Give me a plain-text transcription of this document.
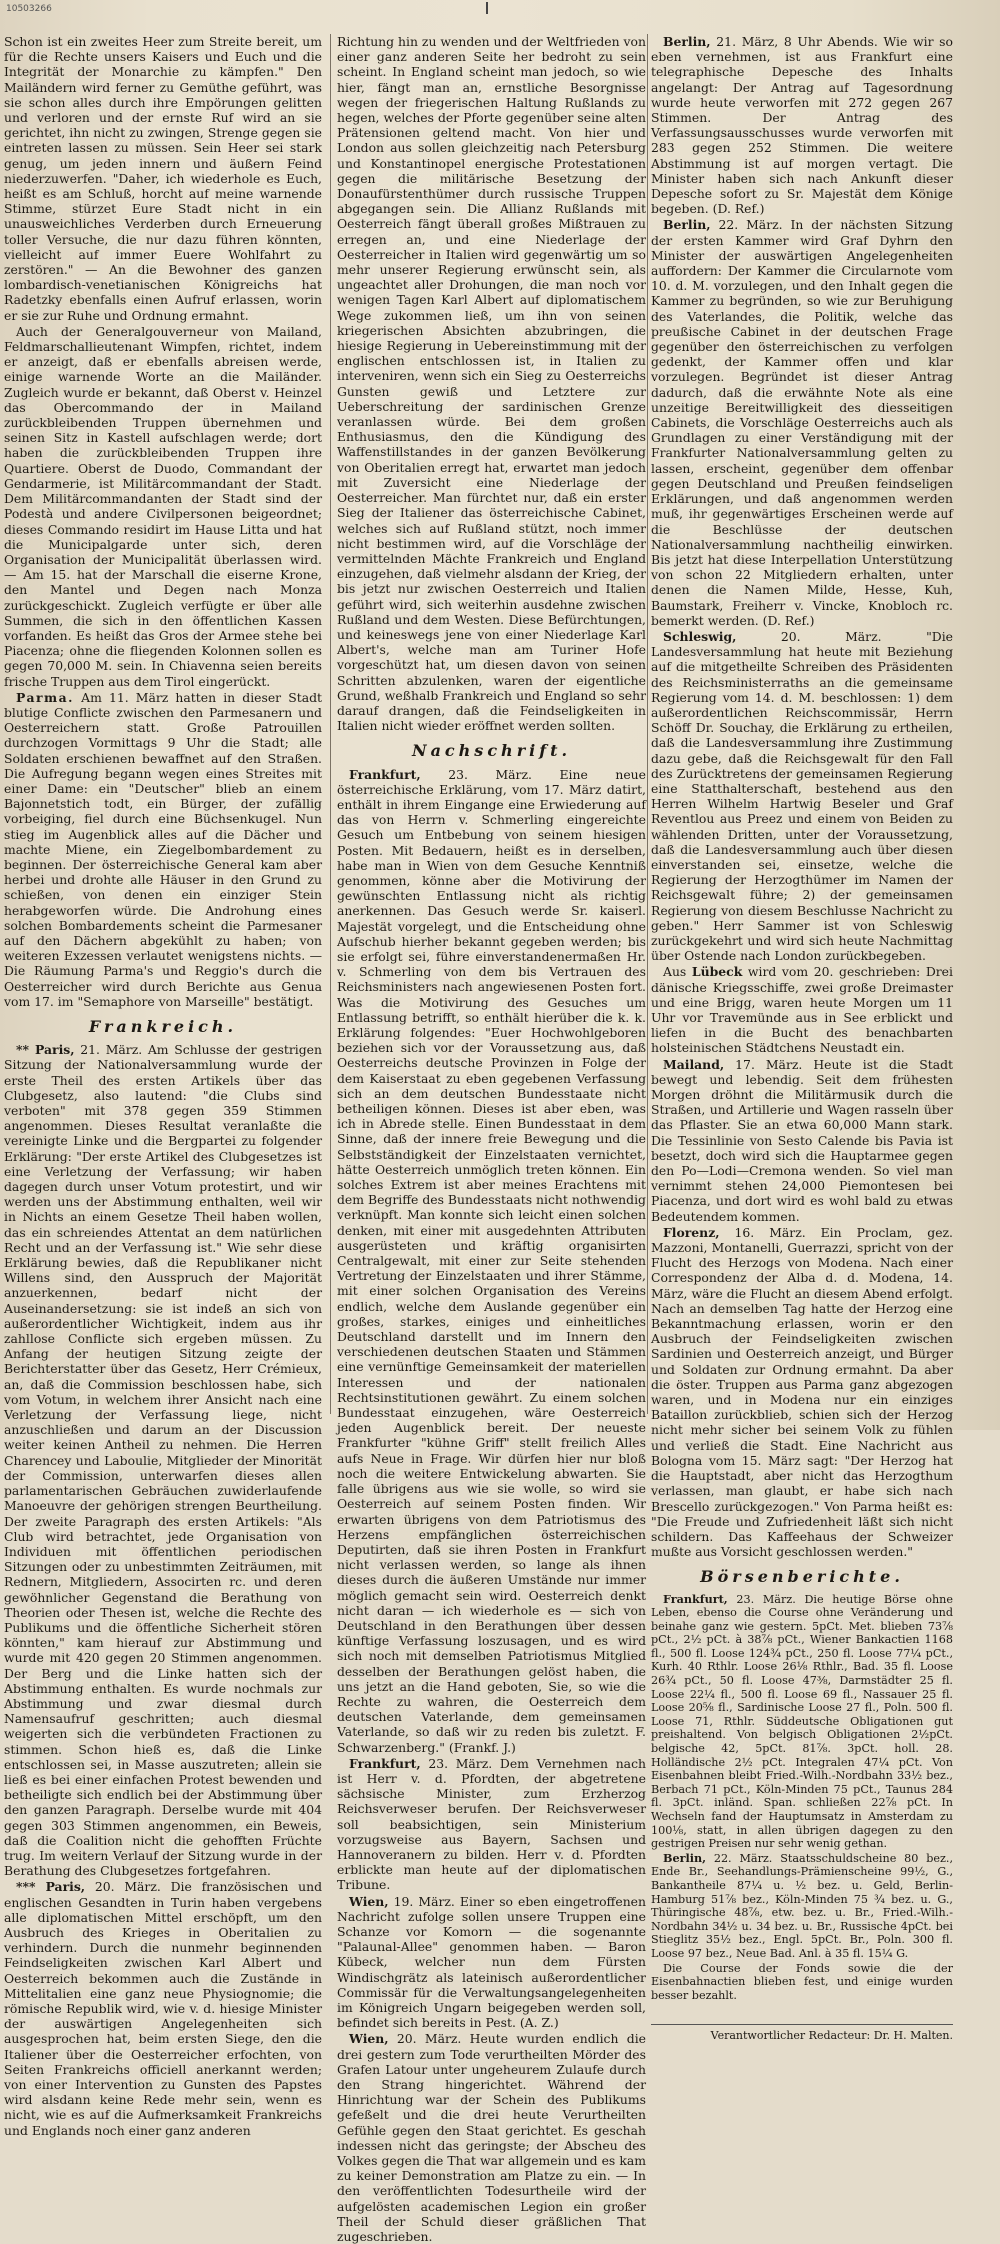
10503266

Schon ist ein zweites Heer zum Streite bereit, um für die Rechte unsers Kaisers und Euch und die Integrität der Monarchie zu kämpfen." Den Mailändern wird ferner zu Gemüthe geführt, was sie schon alles durch ihre Empörungen gelitten und verloren und der ernste Ruf wird an sie gerichtet, ihn nicht zu zwingen, Strenge gegen sie eintreten lassen zu müssen. Sein Heer sei stark genug, um jeden innern und äußern Feind niederzuwerfen. "Daher, ich wiederhole es Euch, heißt es am Schluß, horcht auf meine warnende Stimme, stürzet Eure Stadt nicht in ein unausweichliches Verderben durch Erneuerung toller Versuche, die nur dazu führen könnten, vielleicht auf immer Euere Wohlfahrt zu zerstören." — An die Bewohner des ganzen lombardisch-venetianischen Königreichs hat Radetzky ebenfalls einen Aufruf erlassen, worin er sie zur Ruhe und Ordnung ermahnt.

Auch der Generalgouverneur von Mailand, Feldmarschallieutenant Wimpfen, richtet, indem er anzeigt, daß er ebenfalls abreisen werde, einige warnende Worte an die Mailänder. Zugleich wurde er bekannt, daß Oberst v. Heinzel das Obercommando der in Mailand zurückbleibenden Truppen übernehmen und seinen Sitz in Kastell aufschlagen werde; dort haben die zurückbleibenden Truppen ihre Quartiere. Oberst de Duodo, Commandant der Gendarmerie, ist Militärcommandant der Stadt. Dem Militärcommandanten der Stadt sind der Podestà und andere Civilpersonen beigeordnet; dieses Commando residirt im Hause Litta und hat die Municipalgarde unter sich, deren Organisation der Municipalität überlassen wird. — Am 15. hat der Marschall die eiserne Krone, den Mantel und Degen nach Monza zurückgeschickt. Zugleich verfügte er über alle Summen, die sich in den öffentlichen Kassen vorfanden. Es heißt das Gros der Armee stehe bei Piacenza; ohne die fliegenden Kolonnen sollen es gegen 70,000 M. sein. In Chiavenna seien bereits frische Truppen aus dem Tirol eingerückt.

Parma. Am 11. März hatten in dieser Stadt blutige Conflicte zwischen den Parmesanern und Oesterreichern statt. Große Patrouillen durchzogen Vormittags 9 Uhr die Stadt; alle Soldaten erschienen bewaffnet auf den Straßen. Die Aufregung begann wegen eines Streites mit einer Dame: ein "Deutscher" blieb an einem Bajonnetstich todt, ein Bürger, der zufällig vorbeiging, fiel durch eine Büchsenkugel. Nun stieg im Augenblick alles auf die Dächer und machte Miene, ein Ziegelbombardement zu beginnen. Der österreichische General kam aber herbei und drohte alle Häuser in den Grund zu schießen, von denen ein einziger Stein herabgeworfen würde. Die Androhung eines solchen Bombardements scheint die Parmesaner auf den Dächern abgekühlt zu haben; von weiteren Exzessen verlautet wenigstens nichts. — Die Räumung Parma's und Reggio's durch die Oesterreicher wird durch Berichte aus Genua vom 17. im "Semaphore von Marseille" bestätigt.

Frankreich.

** Paris, 21. März. Am Schlusse der gestrigen Sitzung der Nationalversammlung wurde der erste Theil des ersten Artikels über das Clubgesetz, also lautend: "die Clubs sind verboten" mit 378 gegen 359 Stimmen angenommen. Dieses Resultat veranlaßte die vereinigte Linke und die Bergpartei zu folgender Erklärung: "Der erste Artikel des Clubgesetzes ist eine Verletzung der Verfassung; wir haben dagegen durch unser Votum protestirt, und wir werden uns der Abstimmung enthalten, weil wir in Nichts an einem Gesetze Theil haben wollen, das ein schreiendes Attentat an dem natürlichen Recht und an der Verfassung ist." Wie sehr diese Erklärung bewies, daß die Republikaner nicht Willens sind, den Ausspruch der Majorität anzuerkennen, bedarf nicht der Auseinandersetzung: sie ist indeß an sich von außerordentlicher Wichtigkeit, indem aus ihr zahllose Conflicte sich ergeben müssen. Zu Anfang der heutigen Sitzung zeigte der Berichterstatter über das Gesetz, Herr Crémieux, an, daß die Commission beschlossen habe, sich vom Votum, in welchem ihrer Ansicht nach eine Verletzung der Verfassung liege, nicht anzuschließen und darum an der Discussion weiter keinen Antheil zu nehmen. Die Herren Charencey und Laboulie, Mitglieder der Minorität der Commission, unterwarfen dieses allen parlamentarischen Gebräuchen zuwiderlaufende Manoeuvre der gehörigen strengen Beurtheilung. Der zweite Paragraph des ersten Artikels: "Als Club wird betrachtet, jede Organisation von Individuen mit öffentlichen periodischen Sitzungen oder zu unbestimmten Zeiträumen, mit Rednern, Mitgliedern, Associrten rc. und deren gewöhnlicher Gegenstand die Berathung von Theorien oder Thesen ist, welche die Rechte des Publikums und die öffentliche Sicherheit stören könnten," kam hierauf zur Abstimmung und wurde mit 420 gegen 20 Stimmen angenommen. Der Berg und die Linke hatten sich der Abstimmung enthalten. Es wurde nochmals zur Abstimmung und zwar diesmal durch Namensaufruf geschritten; auch diesmal weigerten sich die verbündeten Fractionen zu stimmen. Schon hieß es, daß die Linke entschlossen sei, in Masse auszutreten; allein sie ließ es bei einer einfachen Protest bewenden und betheiligte sich endlich bei der Abstimmung über den ganzen Paragraph. Derselbe wurde mit 404 gegen 303 Stimmen angenommen, ein Beweis, daß die Coalition nicht die gehofften Früchte trug. Im weitern Verlauf der Sitzung wurde in der Berathung des Clubgesetzes fortgefahren.

*** Paris, 20. März. Die französischen und englischen Gesandten in Turin haben vergebens alle diplomatischen Mittel erschöpft, um den Ausbruch des Krieges in Oberitalien zu verhindern. Durch die nunmehr beginnenden Feindseligkeiten zwischen Karl Albert und Oesterreich bekommen auch die Zustände in Mittelitalien eine ganz neue Physiognomie; die römische Republik wird, wie v. d. hiesige Minister der auswärtigen Angelegenheiten sich ausgesprochen hat, beim ersten Siege, den die Italiener über die Oesterreicher erfochten, von Seiten Frankreichs officiell anerkannt werden; von einer Intervention zu Gunsten des Papstes wird alsdann keine Rede mehr sein, wenn es nicht, wie es auf die Aufmerksamkeit Frankreichs und Englands noch einer ganz anderen

Richtung hin zu wenden und der Weltfrieden von einer ganz anderen Seite her bedroht zu sein scheint. In England scheint man jedoch, so wie hier, fängt man an, ernstliche Besorgnisse wegen der friegerischen Haltung Rußlands zu hegen, welches der Pforte gegenüber seine alten Prätensionen geltend macht. Von hier und London aus sollen gleichzeitig nach Petersburg und Konstantinopel energische Protestationen gegen die militärische Besetzung der Donaufürstenthümer durch russische Truppen abgegangen sein. Die Allianz Rußlands mit Oesterreich fängt überall großes Mißtrauen zu erregen an, und eine Niederlage der Oesterreicher in Italien wird gegenwärtig um so mehr unserer Regierung erwünscht sein, als ungeachtet aller Drohungen, die man noch vor wenigen Tagen Karl Albert auf diplomatischem Wege zukommen ließ, um ihn von seinen kriegerischen Absichten abzubringen, die hiesige Regierung in Uebereinstimmung mit der englischen entschlossen ist, in Italien zu interveniren, wenn sich ein Sieg zu Oesterreichs Gunsten gewiß und Letztere zur Ueberschreitung der sardinischen Grenze veranlassen würde. Bei dem großen Enthusiasmus, den die Kündigung des Waffenstillstandes in der ganzen Bevölkerung von Oberitalien erregt hat, erwartet man jedoch mit Zuversicht eine Niederlage der Oesterreicher. Man fürchtet nur, daß ein erster Sieg der Italiener das österreichische Cabinet, welches sich auf Rußland stützt, noch immer nicht bestimmen wird, auf die Vorschläge der vermittelnden Mächte Frankreich und England einzugehen, daß vielmehr alsdann der Krieg, der bis jetzt nur zwischen Oesterreich und Italien geführt wird, sich weiterhin ausdehne zwischen Rußland und dem Westen. Diese Befürchtungen, und keineswegs jene von einer Niederlage Karl Albert's, welche man am Turiner Hofe vorgeschützt hat, um diesen davon von seinen Schritten abzulenken, waren der eigentliche Grund, weßhalb Frankreich und England so sehr darauf drangen, daß die Feindseligkeiten in Italien nicht wieder eröffnet werden sollten.

Nachschrift.

Frankfurt, 23. März. Eine neue österreichische Erklärung, vom 17. März datirt, enthält in ihrem Eingange eine Erwiederung auf das von Herrn v. Schmerling eingereichte Gesuch um Entbebung von seinem hiesigen Posten. Mit Bedauern, heißt es in derselben, habe man in Wien von dem Gesuche Kenntniß genommen, könne aber die Motivirung der gewünschten Entlassung nicht als richtig anerkennen. Das Gesuch werde Sr. kaiserl. Majestät vorgelegt, und die Entscheidung ohne Aufschub hierher bekannt gegeben werden; bis sie erfolgt sei, führe einverstandenermaßen Hr. v. Schmerling von dem bis Vertrauen des Reichsministers nach angewiesenen Posten fort. Was die Motivirung des Gesuches um Entlassung betrifft, so enthält hierüber die k. k. Erklärung folgendes: "Euer Hochwohlgeboren beziehen sich vor der Voraussetzung aus, daß Oesterreichs deutsche Provinzen in Folge der dem Kaiserstaat zu eben gegebenen Verfassung sich an dem deutschen Bundesstaate nicht betheiligen können. Dieses ist aber eben, was ich in Abrede stelle. Einen Bundesstaat in dem Sinne, daß der innere freie Bewegung und die Selbstständigkeit der Einzelstaaten vernichtet, hätte Oesterreich unmöglich treten können. Ein solches Extrem ist aber meines Erachtens mit dem Begriffe des Bundesstaats nicht nothwendig verknüpft. Man konnte sich leicht einen solchen denken, mit einer mit ausgedehnten Attributen ausgerüsteten und kräftig organisirten Centralgewalt, mit einer zur Seite stehenden Vertretung der Einzelstaaten und ihrer Stämme, mit einer solchen Organisation des Vereins endlich, welche dem Auslande gegenüber ein großes, starkes, einiges und einheitliches Deutschland darstellt und im Innern den verschiedenen deutschen Staaten und Stämmen eine vernünftige Gemeinsamkeit der materiellen Interessen und der nationalen Rechtsinstitutionen gewährt. Zu einem solchen Bundesstaat einzugehen, wäre Oesterreich jeden Augenblick bereit. Der neueste Frankfurter "kühne Griff" stellt freilich Alles aufs Neue in Frage. Wir dürfen hier nur bloß noch die weitere Entwickelung abwarten. Sie falle übrigens aus wie sie wolle, so wird sie Oesterreich auf seinem Posten finden. Wir erwarten übrigens von dem Patriotismus des Herzens empfänglichen österreichischen Deputirten, daß sie ihren Posten in Frankfurt nicht verlassen werden, so lange als ihnen dieses durch die äußeren Umstände nur immer möglich gemacht sein wird. Oesterreich denkt nicht daran — ich wiederhole es — sich von Deutschland in den Berathungen über dessen künftige Verfassung loszusagen, und es wird sich noch mit demselben Patriotismus Mitglied desselben der Berathungen gelöst haben, die uns jetzt an die Hand geboten, Sie, so wie die Rechte zu wahren, die Oesterreich dem deutschen Vaterlande, dem gemeinsamen Vaterlande, so daß wir zu reden bis zuletzt. F. Schwarzenberg." (Frankf. J.)

Frankfurt, 23. März. Dem Vernehmen nach ist Herr v. d. Pfordten, der abgetretene sächsische Minister, zum Erzherzog Reichsverweser berufen. Der Reichsverweser soll beabsichtigen, sein Ministerium vorzugsweise aus Bayern, Sachsen und Hannoveranern zu bilden. Herr v. d. Pfordten erblickte man heute auf der diplomatischen Tribune.

Wien, 19. März. Einer so eben eingetroffenen Nachricht zufolge sollen unsere Truppen eine Schanze vor Komorn — die sogenannte "Palaunal-Allee" genommen haben. — Baron Kübeck, welcher nun dem Fürsten Windischgrätz als lateinisch außerordentlicher Commissär für die Verwaltungsangelegenheiten im Königreich Ungarn beigegeben werden soll, befindet sich bereits in Pest. (A. Z.)

Wien, 20. März. Heute wurden endlich die drei gestern zum Tode verurtheilten Mörder des Grafen Latour unter ungeheurem Zulaufe durch den Strang hingerichtet. Während der Hinrichtung war der Schein des Publikums gefeßelt und die drei heute Verurtheilten Gefühle gegen den Staat gerichtet. Es geschah indessen nicht das geringste; der Abscheu des Volkes gegen die That war allgemein und es kam zu keiner Demonstration am Platze zu ein. — In den veröffentlichten Todesurtheile wird der aufgelösten academischen Legion ein großer Theil der Schuld dieser gräßlichen That zugeschrieben.

Berlin, 21. März, 8 Uhr Abends. Wie wir so eben vernehmen, ist aus Frankfurt eine telegraphische Depesche des Inhalts angelangt: Der Antrag auf Tagesordnung wurde heute verworfen mit 272 gegen 267 Stimmen. Der Antrag des Verfassungsausschusses wurde verworfen mit 283 gegen 252 Stimmen. Die weitere Abstimmung ist auf morgen vertagt. Die Minister haben sich nach Ankunft dieser Depesche sofort zu Sr. Majestät dem Könige begeben. (D. Ref.)

Berlin, 22. März. In der nächsten Sitzung der ersten Kammer wird Graf Dyhrn den Minister der auswärtigen Angelegenheiten auffordern: Der Kammer die Circularnote vom 10. d. M. vorzulegen, und den Inhalt gegen die Kammer zu begründen, so wie zur Beruhigung des Vaterlandes, die Politik, welche das preußische Cabinet in der deutschen Frage gegenüber den österreichischen zu verfolgen gedenkt, der Kammer offen und klar vorzulegen. Begründet ist dieser Antrag dadurch, daß die erwähnte Note als eine unzeitige Bereitwilligkeit des diesseitigen Cabinets, die Vorschläge Oesterreichs auch als Grundlagen zu einer Verständigung mit der Frankfurter Nationalversammlung gelten zu lassen, erscheint, gegenüber dem offenbar gegen Deutschland und Preußen feindseligen Erklärungen, und daß angenommen werden muß, ihr gegenwärtiges Erscheinen werde auf die Beschlüsse der deutschen Nationalversammlung nachtheilig einwirken. Bis jetzt hat diese Interpellation Unterstützung von schon 22 Mitgliedern erhalten, unter denen die Namen Milde, Hesse, Kuh, Baumstark, Freiherr v. Vincke, Knobloch rc. bemerkt werden. (D. Ref.)

Schleswig, 20. März. "Die Landesversammlung hat heute mit Beziehung auf die mitgetheilte Schreiben des Präsidenten des Reichsministerraths an die gemeinsame Regierung vom 14. d. M. beschlossen: 1) dem außerordentlichen Reichscommissär, Herrn Schöff Dr. Souchay, die Erklärung zu ertheilen, daß die Landesversammlung ihre Zustimmung dazu gebe, daß die Reichsgewalt für den Fall des Zurücktretens der gemeinsamen Regierung eine Statthalterschaft, bestehend aus den Herren Wilhelm Hartwig Beseler und Graf Reventlou aus Preez und einem von Beiden zu wählenden Dritten, unter der Voraussetzung, daß die Landesversammlung auch über diesen einverstanden sei, einsetze, welche die Regierung der Herzogthümer im Namen der Reichsgewalt führe; 2) der gemeinsamen Regierung von diesem Beschlusse Nachricht zu geben." Herr Sammer ist von Schleswig zurückgekehrt und wird sich heute Nachmittag über Ostende nach London zurückbegeben.

Aus Lübeck wird vom 20. geschrieben: Drei dänische Kriegsschiffe, zwei große Dreimaster und eine Brigg, waren heute Morgen um 11 Uhr vor Travemünde aus in See erblickt und liefen in die Bucht des benachbarten holsteinischen Städtchens Neustadt ein.

Mailand, 17. März. Heute ist die Stadt bewegt und lebendig. Seit dem frühesten Morgen dröhnt die Militärmusik durch die Straßen, und Artillerie und Wagen rasseln über das Pflaster. Sie an etwa 60,000 Mann stark. Die Tessinlinie von Sesto Calende bis Pavia ist besetzt, doch wird sich die Hauptarmee gegen den Po—Lodi—Cremona wenden. So viel man vernimmt stehen 24,000 Piemontesen bei Piacenza, und dort wird es wohl bald zu etwas Bedeutendem kommen.

Florenz, 16. März. Ein Proclam, gez. Mazzoni, Montanelli, Guerrazzi, spricht von der Flucht des Herzogs von Modena. Nach einer Correspondenz der Alba d. d. Modena, 14. März, wäre die Flucht an diesem Abend erfolgt. Nach an demselben Tag hatte der Herzog eine Bekanntmachung erlassen, worin er den Ausbruch der Feindseligkeiten zwischen Sardinien und Oesterreich anzeigt, und Bürger und Soldaten zur Ordnung ermahnt. Da aber die öster. Truppen aus Parma ganz abgezogen waren, und in Modena nur ein einziges Bataillon zurückblieb, schien sich der Herzog nicht mehr sicher bei seinem Volk zu fühlen und verließ die Stadt. Eine Nachricht aus Bologna vom 15. März sagt: "Der Herzog hat die Hauptstadt, aber nicht das Herzogthum verlassen, man glaubt, er habe sich nach Brescello zurückgezogen." Von Parma heißt es: "Die Freude und Zufriedenheit läßt sich nicht schildern. Das Kaffeehaus der Schweizer mußte aus Vorsicht geschlossen werden."

Börsenberichte.

Frankfurt, 23. März. Die heutige Börse ohne Leben, ebenso die Course ohne Veränderung und beinahe ganz wie gestern. 5pCt. Met. blieben 73⅞ pCt., 2½ pCt. à 38⅞ pCt., Wiener Bankactien 1168 fl., 500 fl. Loose 124¾ pCt., 250 fl. Loose 77¼ pCt., Kurh. 40 Rthlr. Loose 26⅛ Rthlr., Bad. 35 fl. Loose 26¾ pCt., 50 fl. Loose 47⅜, Darmstädter 25 fl. Loose 22¼ fl., 500 fl. Loose 69 fl., Nassauer 25 fl. Loose 20⅝ fl., Sardinische Loose 27 fl., Poln. 500 fl. Loose 71, Rthlr. Süddeutsche Obligationen gut preishaltend. Von belgisch Obligationen 2½pCt. belgische 42, 5pCt. 81⅞. 3pCt. holl. 28. Holländische 2½ pCt. Integralen 47¼ pCt. Von Eisenbahnen bleibt Fried.-Wilh.-Nordbahn 33½ bez., Berbach 71 pCt., Köln-Minden 75 pCt., Taunus 284 fl. 3pCt. inländ. Span. schließen 22⅞ pCt. In Wechseln fand der Hauptumsatz in Amsterdam zu 100⅛, statt, in allen übrigen dagegen zu den gestrigen Preisen nur sehr wenig gethan.

Berlin, 22. März. Staatsschuldscheine 80 bez., Ende Br., Seehandlungs-Prämienscheine 99½, G., Bankantheile 87¼ u. ½ bez. u. Geld, Berlin-Hamburg 51⅞ bez., Köln-Minden 75 ¾ bez. u. G., Thüringische 48⅞, etw. bez. u. Br., Fried.-Wilh.-Nordbahn 34½ u. 34 bez. u. Br., Russische 4pCt. bei Stieglitz 35½ bez., Engl. 5pCt. Br., Poln. 300 fl. Loose 97 bez., Neue Bad. Anl. à 35 fl. 15¼ G.

Die Course der Fonds sowie die der Eisenbahnactien blieben fest, und einige wurden besser bezahlt.

Verantwortlicher Redacteur: Dr. H. Malten.
